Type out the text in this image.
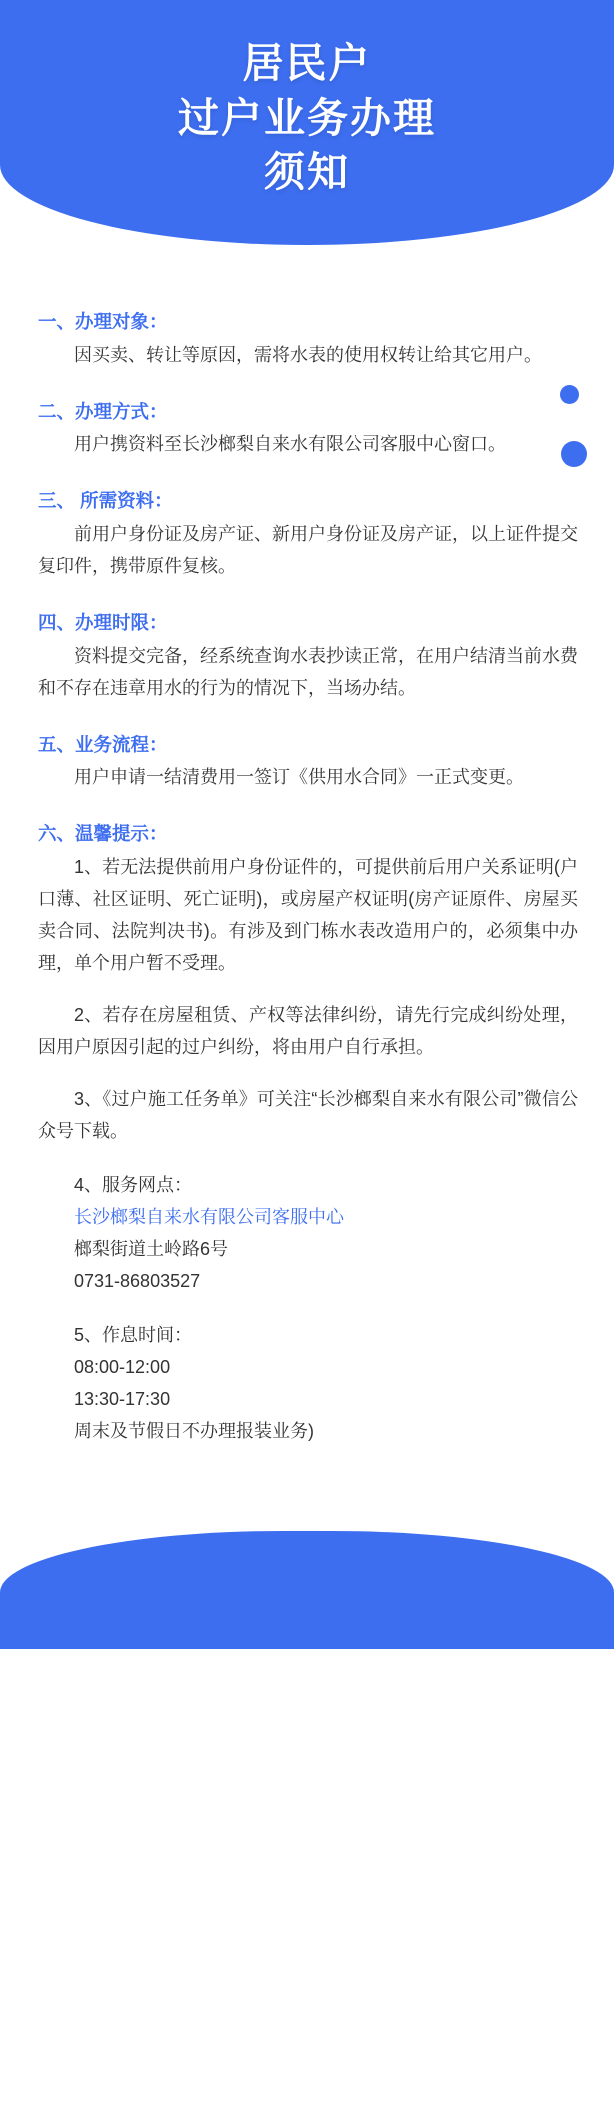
居民户
过户业务办理
须知
一、办理对象：

因买卖、转让等原因，需将水表的使用权转让给其它用户。

二、办理方式：

用户携资料至长沙榔梨自来水有限公司客服中心窗口。

三、 所需资料：

前用户身份证及房产证、新用户身份证及房产证，以上证件提交复印件，携带原件复核。

四、办理时限：

资料提交完备，经系统查询水表抄读正常，在用户结清当前水费和不存在违章用水的行为的情况下，当场办结。

五、业务流程：

用户申请一结清费用一签订《供用水合同》一正式变更。

六、温馨提示：

1、若无法提供前用户身份证件的，可提供前后用户关系证明(户口薄、社区证明、死亡证明)，或房屋产权证明(房产证原件、房屋买卖合同、法院判决书)。有涉及到门栋水表改造用户的，必须集中办理，单个用户暂不受理。

2、若存在房屋租赁、产权等法律纠纷，请先行完成纠纷处理，因用户原因引起的过户纠纷，将由用户自行承担。

3、《过户施工任务单》可关注“长沙榔梨自来水有限公司”微信公众号下载。

4、服务网点：
长沙榔梨自来水有限公司客服中心
榔梨街道土岭路6号
0731-86803527
5、作息时间：
08:00-12:00
13:30-17:30
周末及节假日不办理报装业务)
